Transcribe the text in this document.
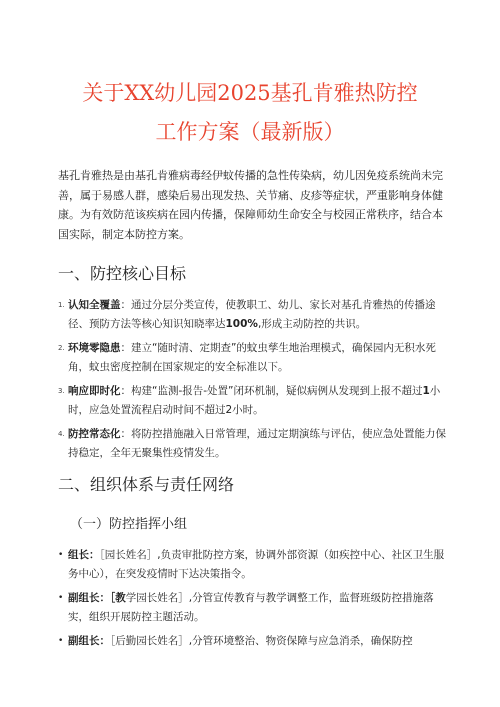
关于XX幼儿园2025基孔肯雅热防控
工作方案（最新版）

基孔肯雅热是由基孔肯雅病毒经伊蚊传播的急性传染病，幼儿因免疫系统尚未完善，属于易感人群，感染后易出现发热、关节痛、皮疹等症状，严重影响身体健康。为有效防范该疾病在园内传播，保障师幼生命安全与校园正常秩序，结合本国实际，制定本防控方案。

一、防控核心目标
1. 认知全覆盖：通过分层分类宣传，使教职工、幼儿、家长对基孔肯雅热的传播途径、预防方法等核心知识知晓率达100%,形成主动防控的共识。
2. 环境零隐患：建立“随时清、定期查”的蚊虫孳生地治理模式，确保园内无积水死角，蚊虫密度控制在国家规定的安全标准以下。
3. 响应即时化：构建“监测-报告-处置”闭环机制，疑似病例从发现到上报不超过1小时，应急处置流程启动时间不超过2小时。
4. 防控常态化：将防控措施融入日常管理，通过定期演练与评估，使应急处置能力保持稳定，全年无聚集性疫情发生。
二、组织体系与责任网络
（一）防控指挥小组
• 组长：［园长姓名］,负责审批防控方案，协调外部资源（如疾控中心、社区卫生服务中心），在突发疫情时下达决策指令。
• 副组长：［教学园长姓名］,分管宣传教育与教学调整工作，监督班级防控措施落实，组织开展防控主题活动。
• 副组长：［后勤园长姓名］,分管环境整治、物资保障与应急消杀，确保防控
